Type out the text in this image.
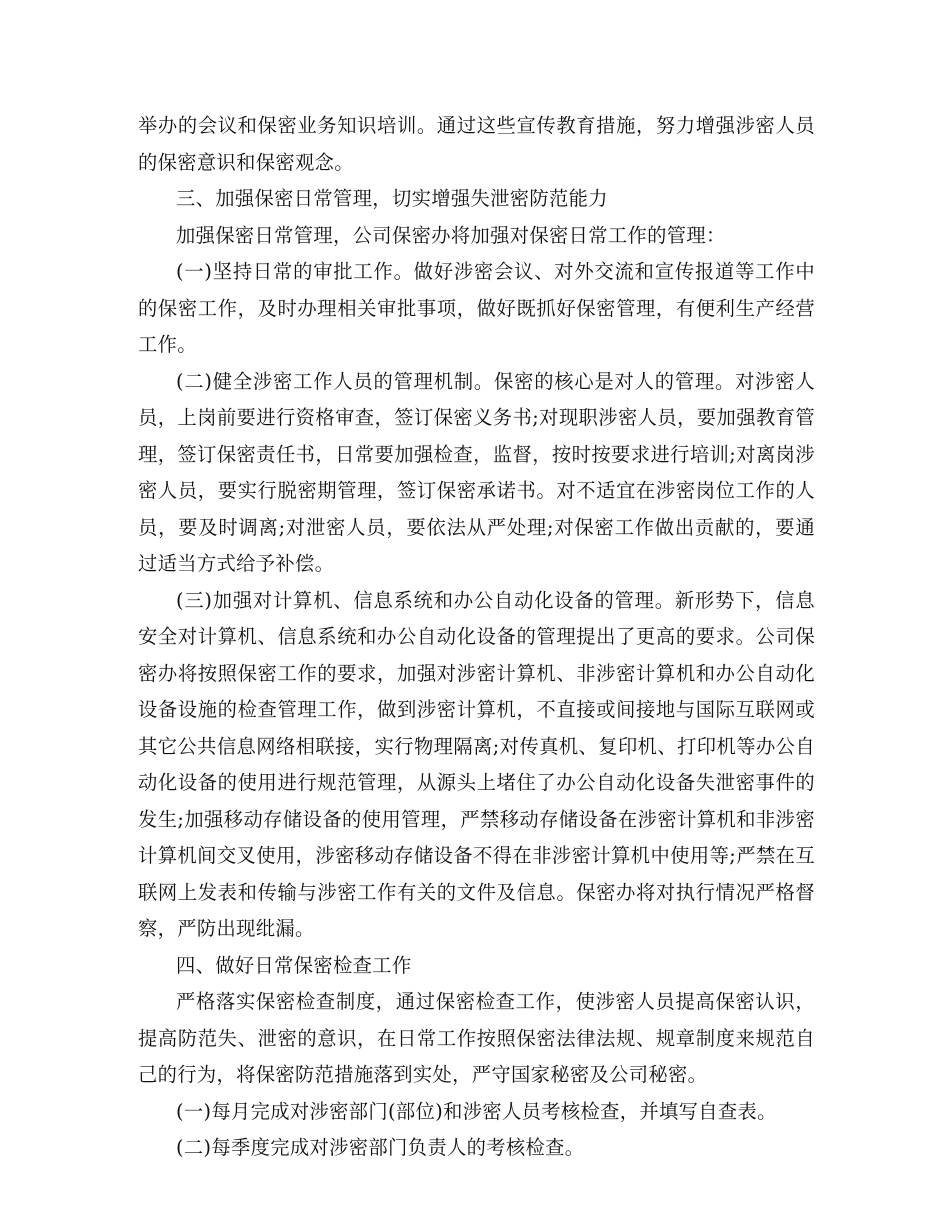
举办的会议和保密业务知识培训。通过这些宣传教育措施，努力增强涉密人员的保密意识和保密观念。

三、加强保密日常管理，切实增强失泄密防范能力

加强保密日常管理，公司保密办将加强对保密日常工作的管理：

(一)坚持日常的审批工作。做好涉密会议、对外交流和宣传报道等工作中的保密工作，及时办理相关审批事项，做好既抓好保密管理，有便利生产经营工作。

(二)健全涉密工作人员的管理机制。保密的核心是对人的管理。对涉密人员，上岗前要进行资格审查，签订保密义务书;对现职涉密人员，要加强教育管理，签订保密责任书，日常要加强检查，监督，按时按要求进行培训;对离岗涉密人员，要实行脱密期管理，签订保密承诺书。对不适宜在涉密岗位工作的人员，要及时调离;对泄密人员，要依法从严处理;对保密工作做出贡献的，要通过适当方式给予补偿。

(三)加强对计算机、信息系统和办公自动化设备的管理。新形势下，信息安全对计算机、信息系统和办公自动化设备的管理提出了更高的要求。公司保密办将按照保密工作的要求，加强对涉密计算机、非涉密计算机和办公自动化设备设施的检查管理工作，做到涉密计算机，不直接或间接地与国际互联网或其它公共信息网络相联接，实行物理隔离;对传真机、复印机、打印机等办公自动化设备的使用进行规范管理，从源头上堵住了办公自动化设备失泄密事件的发生;加强移动存储设备的使用管理，严禁移动存储设备在涉密计算机和非涉密计算机间交叉使用，涉密移动存储设备不得在非涉密计算机中使用等;严禁在互联网上发表和传输与涉密工作有关的文件及信息。保密办将对执行情况严格督察，严防出现纰漏。

四、做好日常保密检查工作

严格落实保密检查制度，通过保密检查工作，使涉密人员提高保密认识，提高防范失、泄密的意识，在日常工作按照保密法律法规、规章制度来规范自己的行为，将保密防范措施落到实处，严守国家秘密及公司秘密。

(一)每月完成对涉密部门(部位)和涉密人员考核检查，并填写自查表。

(二)每季度完成对涉密部门负责人的考核检查。
